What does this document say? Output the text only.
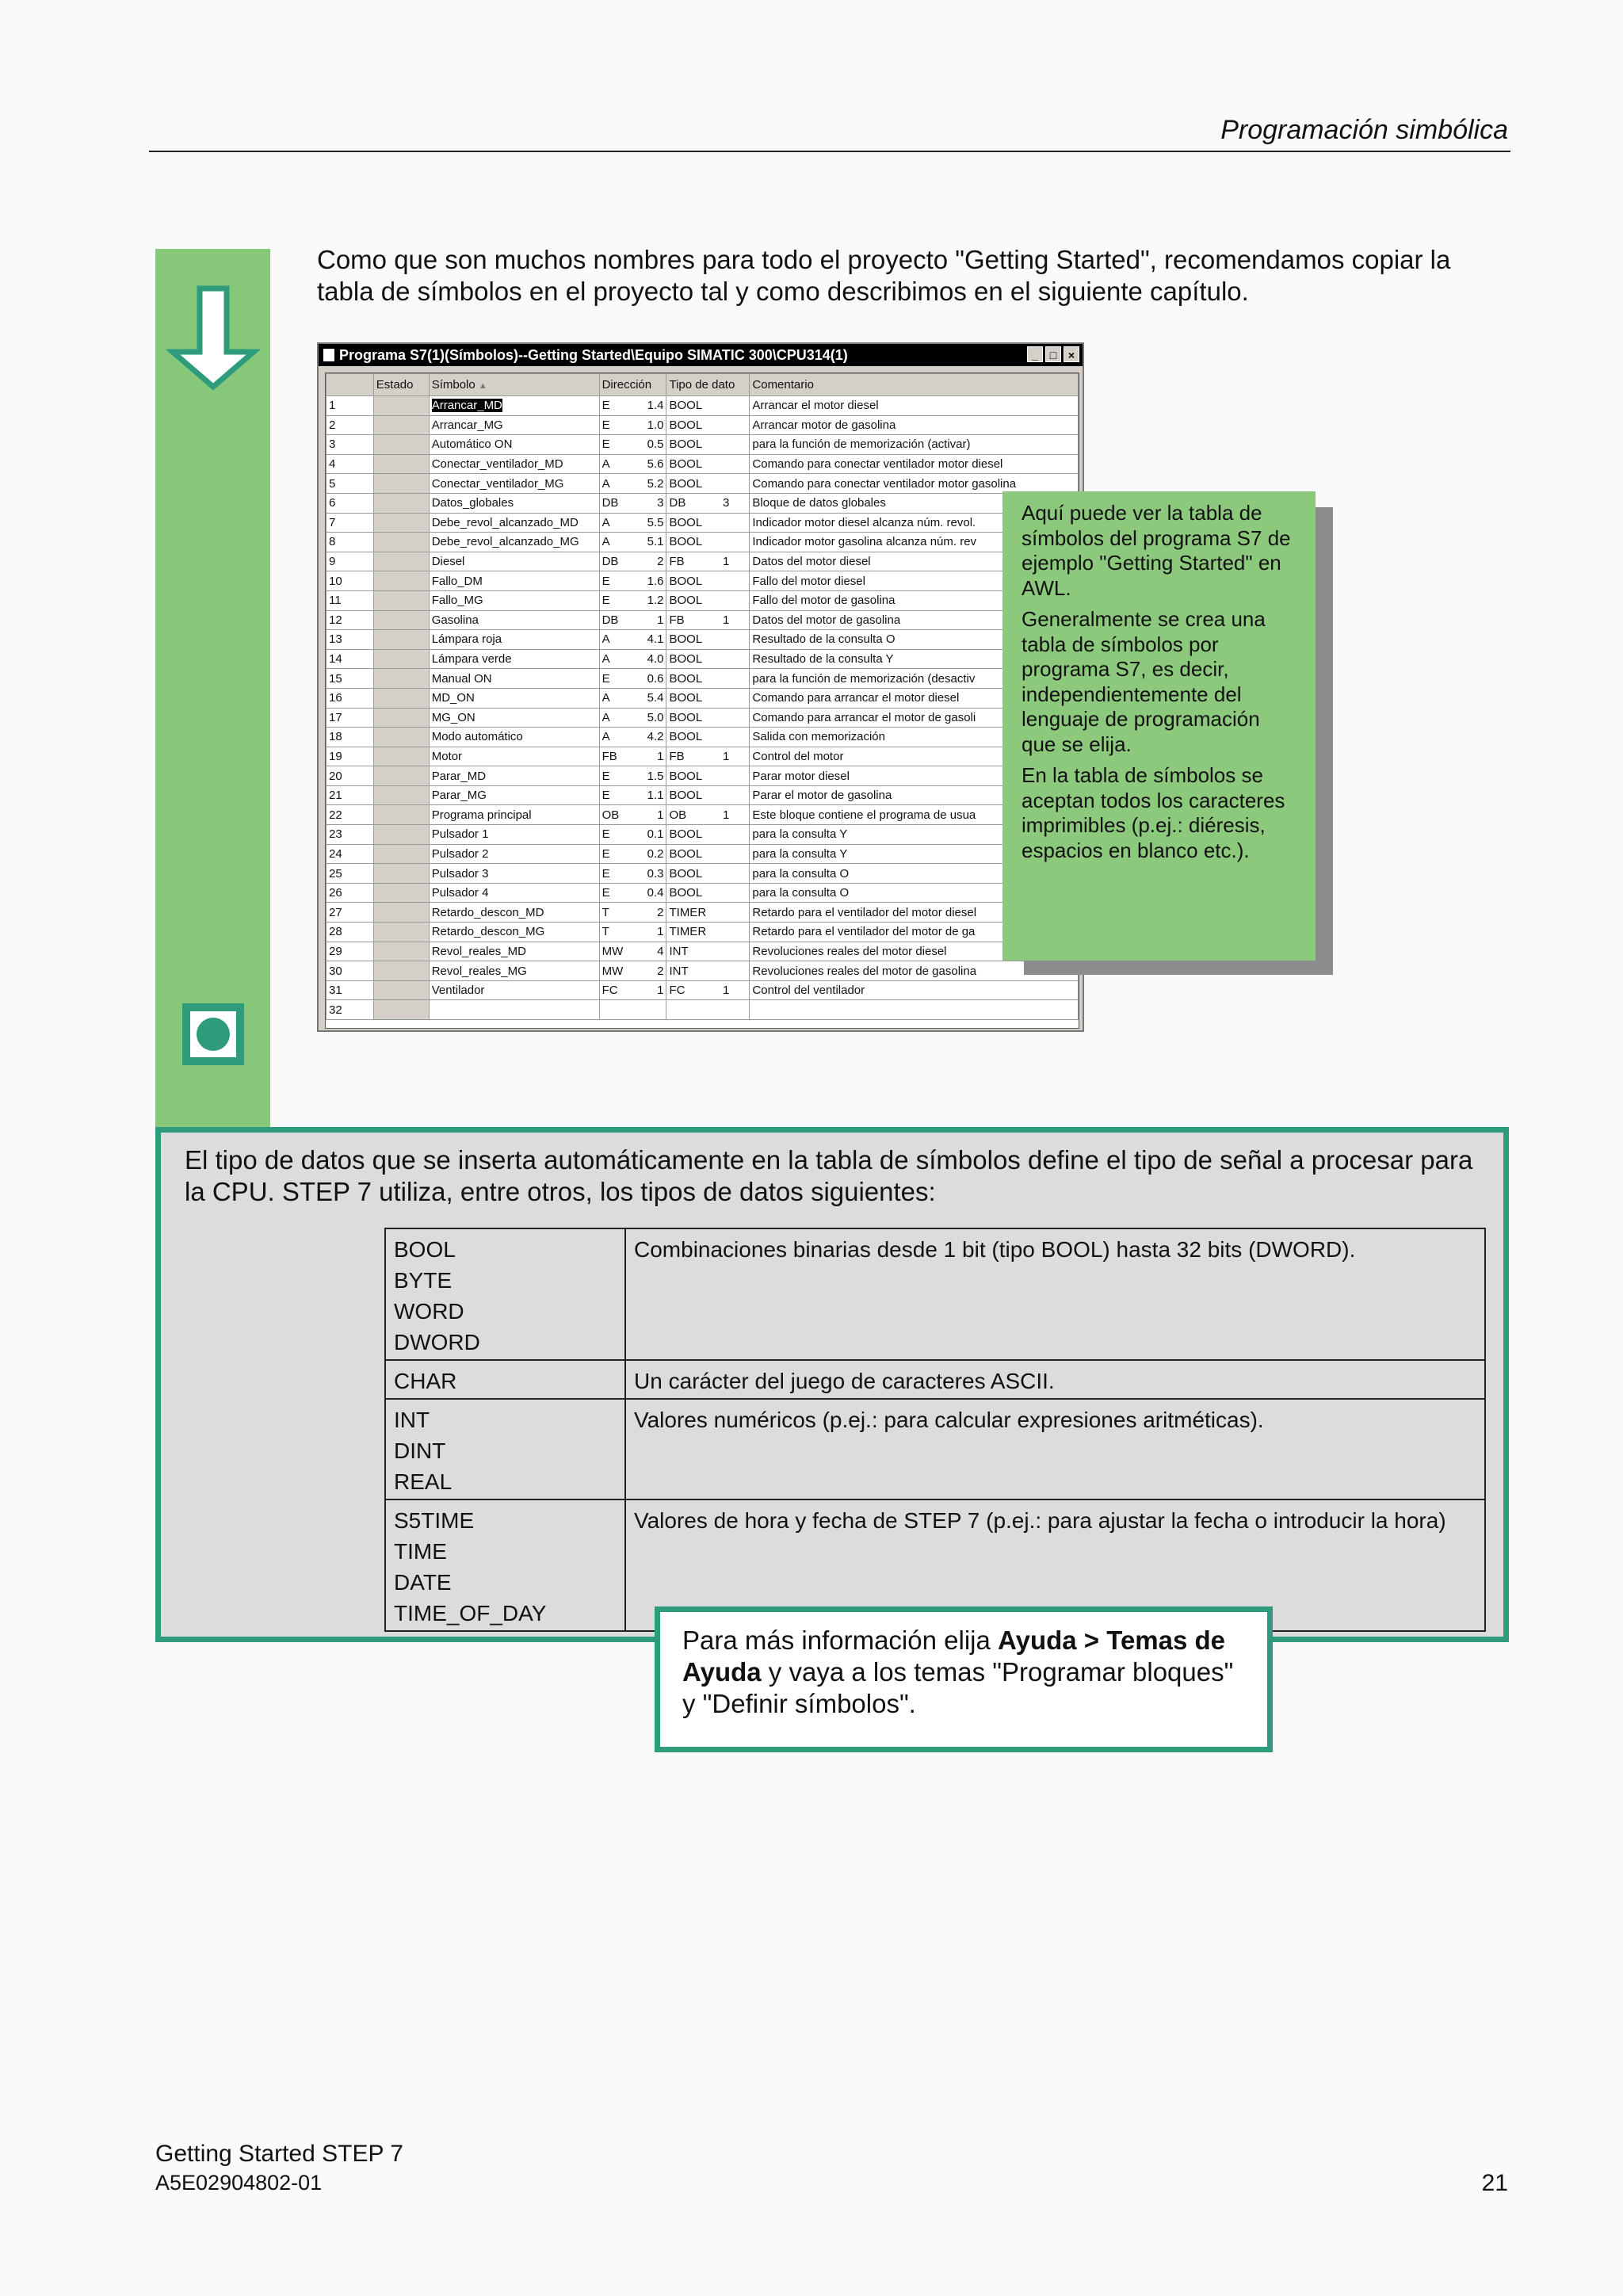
Programación simbólica
Como que son muchos nombres para todo el proyecto "Getting Started", recomendamos copiar la tabla de símbolos en el proyecto tal y como describimos en el siguiente capítulo.
Programa S7(1)(Símbolos)--Getting Started\Equipo SIMATIC 300\CPU314(1)	_	□	×
	Estado	Símbolo ▲	Dirección	Tipo de dato	Comentario
1		Arrancar_MD	E 1.4	BOOL	Arrancar el motor diesel
2		Arrancar_MG	E 1.0	BOOL	Arrancar motor de gasolina
3		Automático ON	E 0.5	BOOL	para la función de memorización (activar)
4		Conectar_ventilador_MD	A 5.6	BOOL	Comando para conectar ventilador motor diesel
5		Conectar_ventilador_MG	A 5.2	BOOL	Comando para conectar ventilador motor gasolina
6		Datos_globales	DB 3	DB 3	Bloque de datos globales
7		Debe_revol_alcanzado_MD	A 5.5	BOOL	Indicador motor diesel alcanza núm. revol.
8		Debe_revol_alcanzado_MG	A 5.1	BOOL	Indicador motor gasolina alcanza núm. rev
9		Diesel	DB 2	FB 1	Datos del motor diesel
10		Fallo_DM	E 1.6	BOOL	Fallo del motor diesel
11		Fallo_MG	E 1.2	BOOL	Fallo del motor de gasolina
12		Gasolina	DB 1	FB 1	Datos del motor de gasolina
13		Lámpara roja	A 4.1	BOOL	Resultado de la consulta O
14		Lámpara verde	A 4.0	BOOL	Resultado de la consulta Y
15		Manual ON	E 0.6	BOOL	para la función de memorización (desactiv
16		MD_ON	A 5.4	BOOL	Comando para arrancar el motor diesel
17		MG_ON	A 5.0	BOOL	Comando para arrancar el motor de gasoli
18		Modo automático	A 4.2	BOOL	Salida con memorización
19		Motor	FB 1	FB 1	Control del motor
20		Parar_MD	E 1.5	BOOL	Parar motor diesel
21		Parar_MG	E 1.1	BOOL	Parar el motor de gasolina
22		Programa principal	OB 1	OB 1	Este bloque contiene el programa de usua
23		Pulsador 1	E 0.1	BOOL	para la consulta Y
24		Pulsador 2	E 0.2	BOOL	para la consulta Y
25		Pulsador 3	E 0.3	BOOL	para la consulta O
26		Pulsador 4	E 0.4	BOOL	para la consulta O
27		Retardo_descon_MD	T 2	TIMER	Retardo para el ventilador del motor diesel
28		Retardo_descon_MG	T 1	TIMER	Retardo para el ventilador del motor de ga
29		Revol_reales_MD	MW 4	INT	Revoluciones reales del motor diesel
30		Revol_reales_MG	MW 2	INT	Revoluciones reales del motor de gasolina
31		Ventilador	FC 1	FC 1	Control del ventilador
32			

Aquí puede ver la tabla de símbolos del programa S7 de ejemplo "Getting Started" en AWL.

Generalmente se crea una tabla de símbolos por programa S7, es decir, independientemente del lenguaje de programación que se elija.

En la tabla de símbolos se aceptan todos los caracteres imprimibles (p.ej.: diéresis, espacios en blanco etc.).

El tipo de datos que se inserta automáticamente en la tabla de símbolos define el tipo de señal a procesar para la CPU. STEP 7 utiliza, entre otros, los tipos de datos siguientes:
BOOL
BYTE
WORD
DWORD	Combinaciones binarias desde 1 bit (tipo BOOL) hasta 32 bits (DWORD).

CHAR	Un carácter del juego de caracteres ASCII.

INT
DINT
REAL	Valores numéricos (p.ej.: para calcular expresiones aritméticas).

S5TIME
TIME
DATE
TIME_OF_DAY	Valores de hora y fecha de STEP 7 (p.ej.: para ajustar la fecha o introducir la hora)
Para más información elija Ayuda > Temas de Ayuda y vaya a los temas "Programar bloques" y "Definir símbolos".
Getting Started STEP 7
A5E02904802-01	21
